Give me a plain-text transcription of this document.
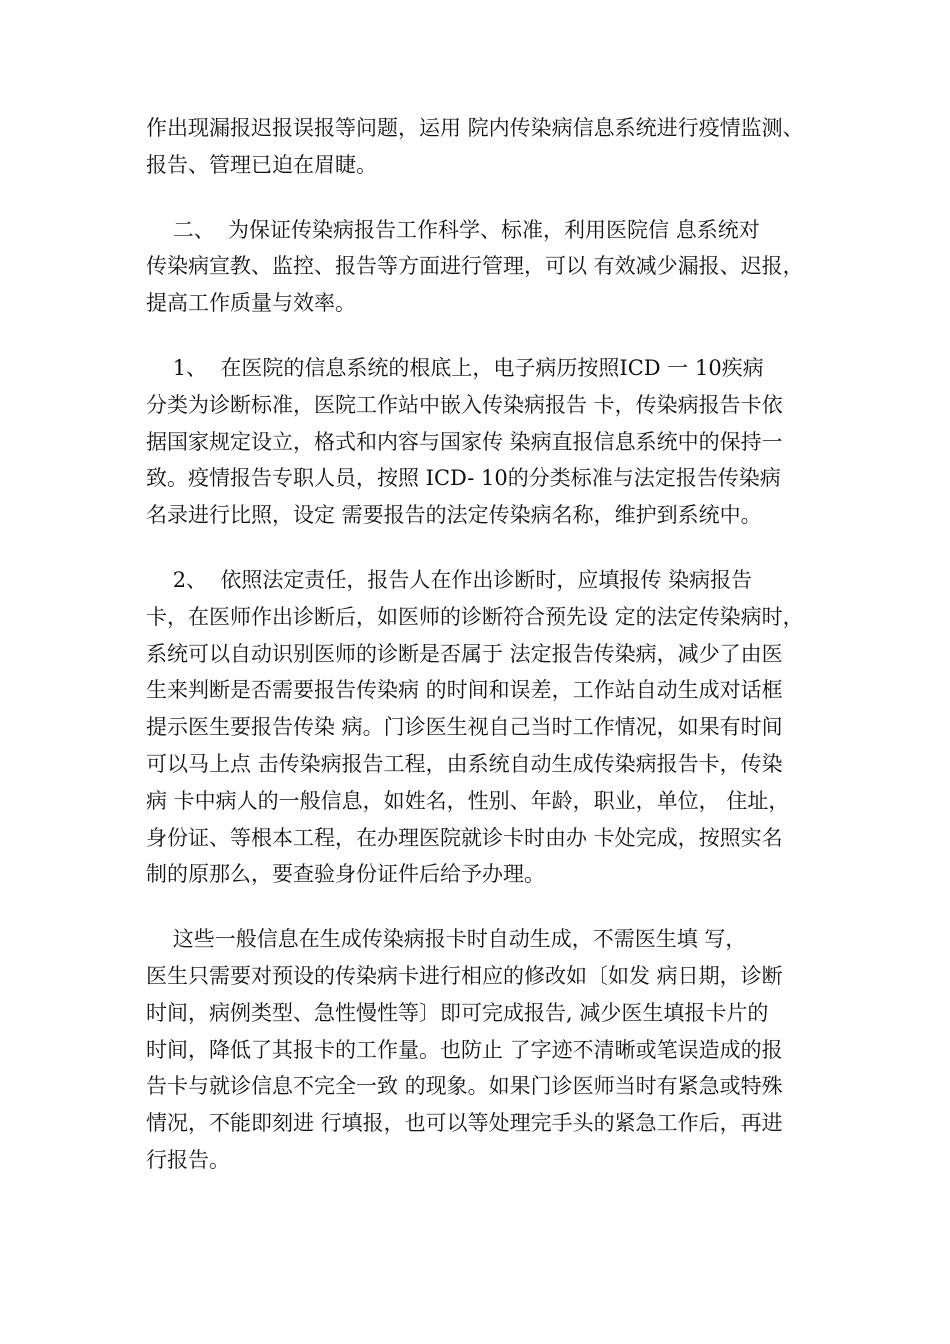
作出现漏报迟报误报等问题，运用 院内传染病信息系统进行疫情监测、
报告、管理已迫在眉睫。

二、  为保证传染病报告工作科学、标准，利用医院信 息系统对
传染病宣教、监控、报告等方面进行管理，可以 有效减少漏报、迟报，
提高工作质量与效率。

1、  在医院的信息系统的根底上，电子病历按照ICD 一 10疾病
分类为诊断标准，医院工作站中嵌入传染病报告 卡，传染病报告卡依
据国家规定设立，格式和内容与国家传 染病直报信息系统中的保持一
致。疫情报告专职人员，按照 ICD- 10的分类标准与法定报告传染病
名录进行比照，设定 需要报告的法定传染病名称，维护到系统中。

2、  依照法定责任，报告人在作出诊断时，应填报传 染病报告
卡，在医师作出诊断后，如医师的诊断符合预先设 定的法定传染病时，
系统可以自动识别医师的诊断是否属于 法定报告传染病，减少了由医
生来判断是否需要报告传染病 的时间和误差，工作站自动生成对话框
提示医生要报告传染 病。门诊医生视自己当时工作情况，如果有时间
可以马上点 击传染病报告工程，由系统自动生成传染病报告卡，传染
病 卡中病人的一般信息，如姓名，性别、年龄，职业，单位， 住址，
身份证、等根本工程，在办理医院就诊卡时由办 卡处完成，按照实名
制的原那么，要查验身份证件后给予办理。

这些一般信息在生成传染病报卡时自动生成，不需医生填 写，
医生只需要对预设的传染病卡进行相应的修改如〔如发 病日期，诊断
时间，病例类型、急性慢性等〕即可完成报告, 减少医生填报卡片的
时间，降低了其报卡的工作量。也防止 了字迹不清晰或笔误造成的报
告卡与就诊信息不完全一致 的现象。如果门诊医师当时有紧急或特殊
情况，不能即刻进 行填报，也可以等处理完手头的紧急工作后，再进
行报告。
